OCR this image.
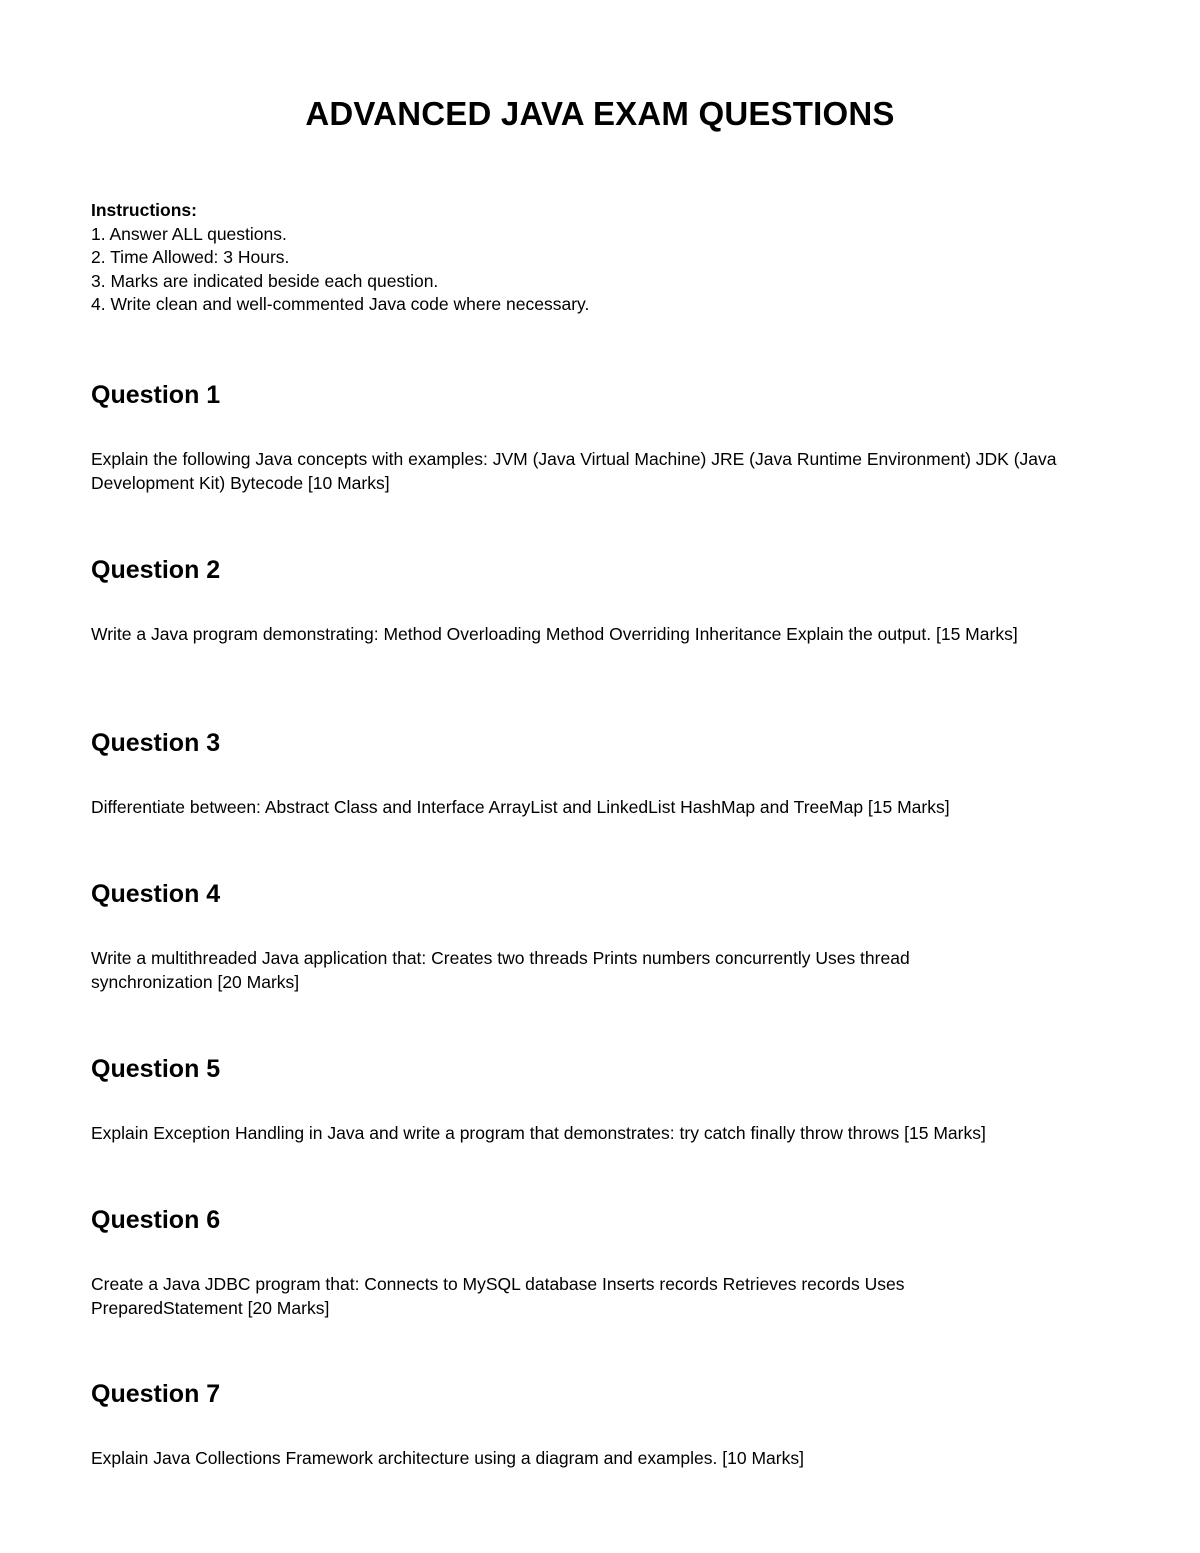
ADVANCED JAVA EXAM QUESTIONS
Instructions:
1. Answer ALL questions.
2. Time Allowed: 3 Hours.
3. Marks are indicated beside each question.
4. Write clean and well-commented Java code where necessary.
Question 1

Explain the following Java concepts with examples: JVM (Java Virtual Machine) JRE (Java Runtime Environment) JDK (Java Development Kit) Bytecode [10 Marks]

Question 2

Write a Java program demonstrating: Method Overloading Method Overriding Inheritance Explain the output. [15 Marks]

Question 3

Differentiate between: Abstract Class and Interface ArrayList and LinkedList HashMap and TreeMap [15 Marks]

Question 4

Write a multithreaded Java application that: Creates two threads Prints numbers concurrently Uses thread synchronization [20 Marks]

Question 5

Explain Exception Handling in Java and write a program that demonstrates: try catch finally throw throws [15 Marks]

Question 6

Create a Java JDBC program that: Connects to MySQL database Inserts records Retrieves records Uses PreparedStatement [20 Marks]

Question 7

Explain Java Collections Framework architecture using a diagram and examples. [10 Marks]
